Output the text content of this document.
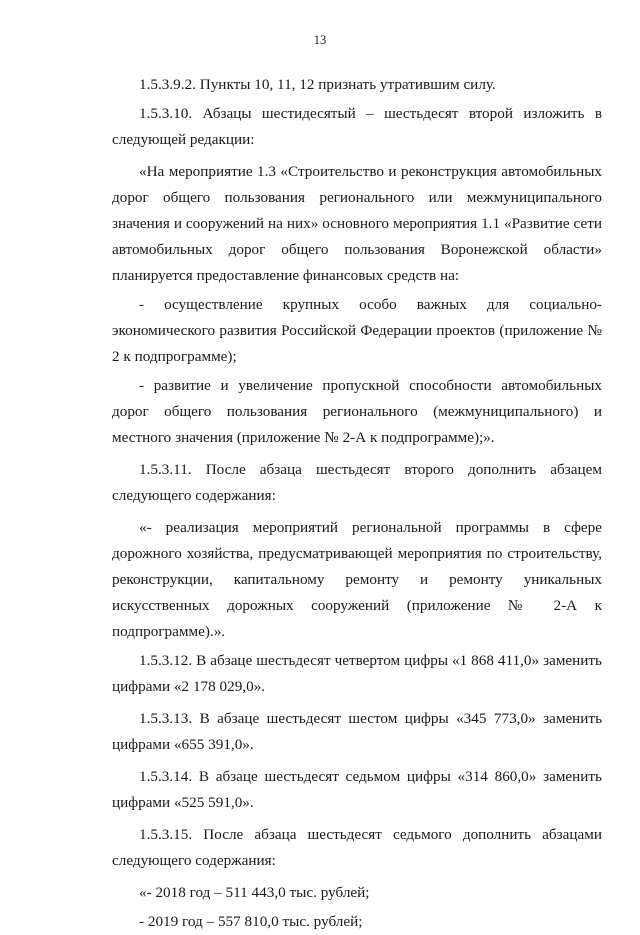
13

1.5.3.9.2. Пункты 10, 11, 12 признать утратившим силу.

1.5.3.10. Абзацы шестидесятый – шестьдесят второй изложить в следующей редакции:

«На мероприятие 1.3 «Строительство и реконструкция автомобильных дорог общего пользования регионального или межмуниципального значения и сооружений на них» основного мероприятия 1.1 «Развитие сети автомобильных дорог общего пользования Воронежской области» планируется предоставление финансовых средств на:

- осуществление крупных особо важных для социально-экономического развития Российской Федерации проектов (приложение № 2 к подпрограмме);

- развитие и увеличение пропускной способности автомобильных дорог общего пользования регионального (межмуниципального) и местного значения (приложение № 2-А к подпрограмме);».

1.5.3.11. После абзаца шестьдесят второго дополнить абзацем следующего содержания:

«- реализация мероприятий региональной программы в сфере дорожного хозяйства, предусматривающей мероприятия по строительству, реконструкции, капитальному ремонту и ремонту уникальных искусственных дорожных сооружений (приложение № 2-А к подпрограмме).».

1.5.3.12. В абзаце шестьдесят четвертом цифры «1 868 411,0» заменить цифрами «2 178 029,0».

1.5.3.13. В абзаце шестьдесят шестом цифры «345 773,0» заменить цифрами «655 391,0».

1.5.3.14. В абзаце шестьдесят седьмом цифры «314 860,0» заменить цифрами «525 591,0».

1.5.3.15. После абзаца шестьдесят седьмого дополнить абзацами следующего содержания:

«- 2018 год – 511 443,0 тыс. рублей;

- 2019 год – 557 810,0 тыс. рублей;
